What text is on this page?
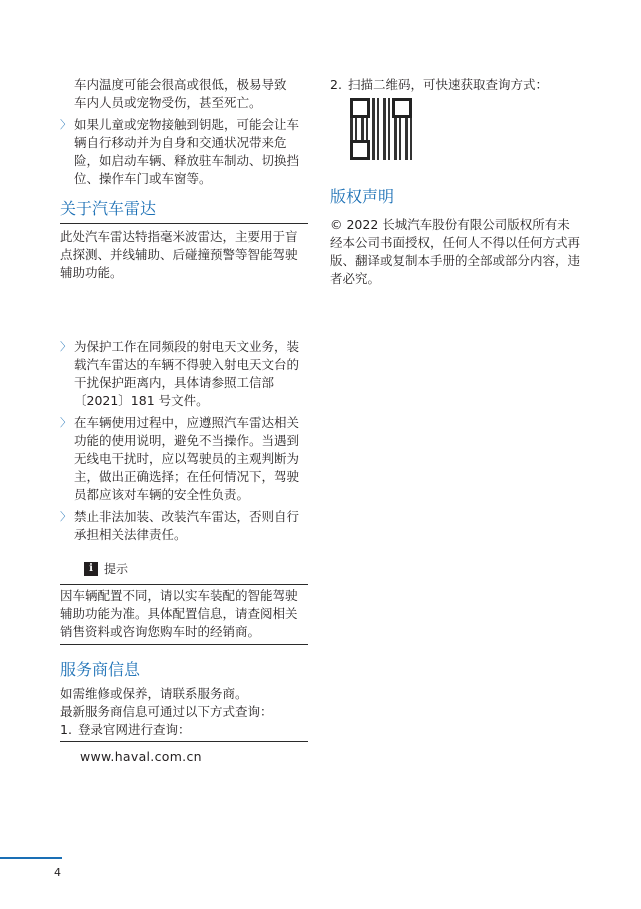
车内温度可能会很高或很低，极易导致

车内人员或宠物受伤，甚至死亡。

〉 如果儿童或宠物接触到钥匙，可能会让车辆自行移动并为自身和交通状况带来危险，如启动车辆、释放驻车制动、切换挡位、操作车门或车窗等。

关于汽车雷达

此处汽车雷达特指毫米波雷达，主要用于盲点探测、并线辅助、后碰撞预警等智能驾驶辅助功能。

〉 为保护工作在同频段的射电天文业务，装载汽车雷达的车辆不得驶入射电天文台的干扰保护距离内，具体请参照工信部〔2021〕181 号文件。
〉 在车辆使用过程中，应遵照汽车雷达相关功能的使用说明，避免不当操作。当遇到无线电干扰时，应以驾驶员的主观判断为主，做出正确选择；在任何情况下，驾驶员都应该对车辆的安全性负责。
〉 禁止非法加装、改装汽车雷达，否则自行承担相关法律责任。
i 提示

因车辆配置不同，请以实车装配的智能驾驶辅助功能为准。具体配置信息，请查阅相关销售资料或咨询您购车时的经销商。

服务商信息

如需维修或保养，请联系服务商。

最新服务商信息可通过以下方式查询：

1. 登录官网进行查询：

www.haval.com.cn

2. 扫描二维码，可快速获取查询方式：

版权声明

© 2022 长城汽车股份有限公司版权所有未经本公司书面授权，任何人不得以任何方式再版、翻译或复制本手册的全部或部分内容，违者必究。

4
